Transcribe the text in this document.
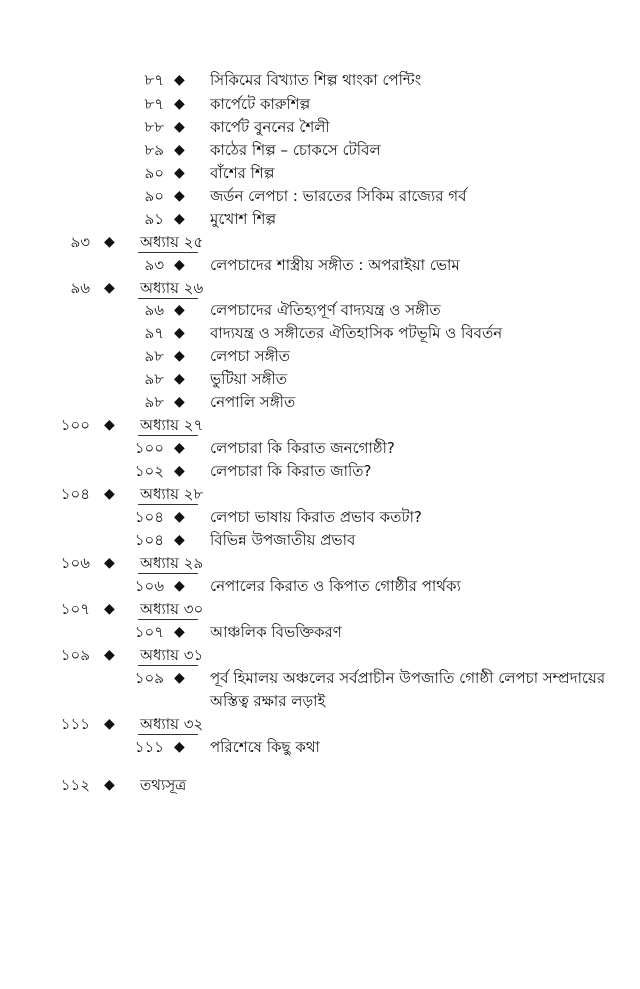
৮৭ ◆ সিকিমের বিখ্যাত শিল্প থাংকা পেন্টিং
৮৭ ◆ কার্পেটে কারুশিল্প
৮৮ ◆ কার্পেট বুননের শৈলী
৮৯ ◆ কাঠের শিল্প – চোকসে টেবিল
৯০ ◆ বাঁশের শিল্প
৯০ ◆ জর্ডন লেপচা : ভারতের সিকিম রাজ্যের গর্ব
৯১ ◆ মুখোশ শিল্প
৯৩ ◆ অধ্যায় ২৫
৯৩ ◆ লেপচাদের শাস্ত্রীয় সঙ্গীত : অপরাইয়া ভোম
৯৬ ◆ অধ্যায় ২৬
৯৬ ◆ লেপচাদের ঐতিহ্যপূর্ণ বাদ্যযন্ত্র ও সঙ্গীত
৯৭ ◆ বাদ্যযন্ত্র ও সঙ্গীতের ঐতিহাসিক পটভূমি ও বিবর্তন
৯৮ ◆ লেপচা সঙ্গীত
৯৮ ◆ ভুটিয়া সঙ্গীত
৯৮ ◆ নেপালি সঙ্গীত
১০০ ◆ অধ্যায় ২৭
১০০ ◆ লেপচারা কি কিরাত জনগোষ্ঠী?
১০২ ◆ লেপচারা কি কিরাত জাতি?
১০৪ ◆ অধ্যায় ২৮
১০৪ ◆ লেপচা ভাষায় কিরাত প্রভাব কতটা?
১০৪ ◆ বিভিন্ন উপজাতীয় প্রভাব
১০৬ ◆ অধ্যায় ২৯
১০৬ ◆ নেপালের কিরাত ও কিপাত গোষ্ঠীর পার্থক্য
১০৭ ◆ অধ্যায় ৩০
১০৭ ◆ আঞ্চলিক বিভক্তিকরণ
১০৯ ◆ অধ্যায় ৩১
১০৯ ◆ পূর্ব হিমালয় অঞ্চলের সর্বপ্রাচীন উপজাতি গোষ্ঠী লেপচা সম্প্রদায়ের
অস্তিত্ব রক্ষার লড়াই
১১১ ◆ অধ্যায় ৩২
১১১ ◆ পরিশেষে কিছু কথা
১১২ ◆ তথ্যসূত্র
